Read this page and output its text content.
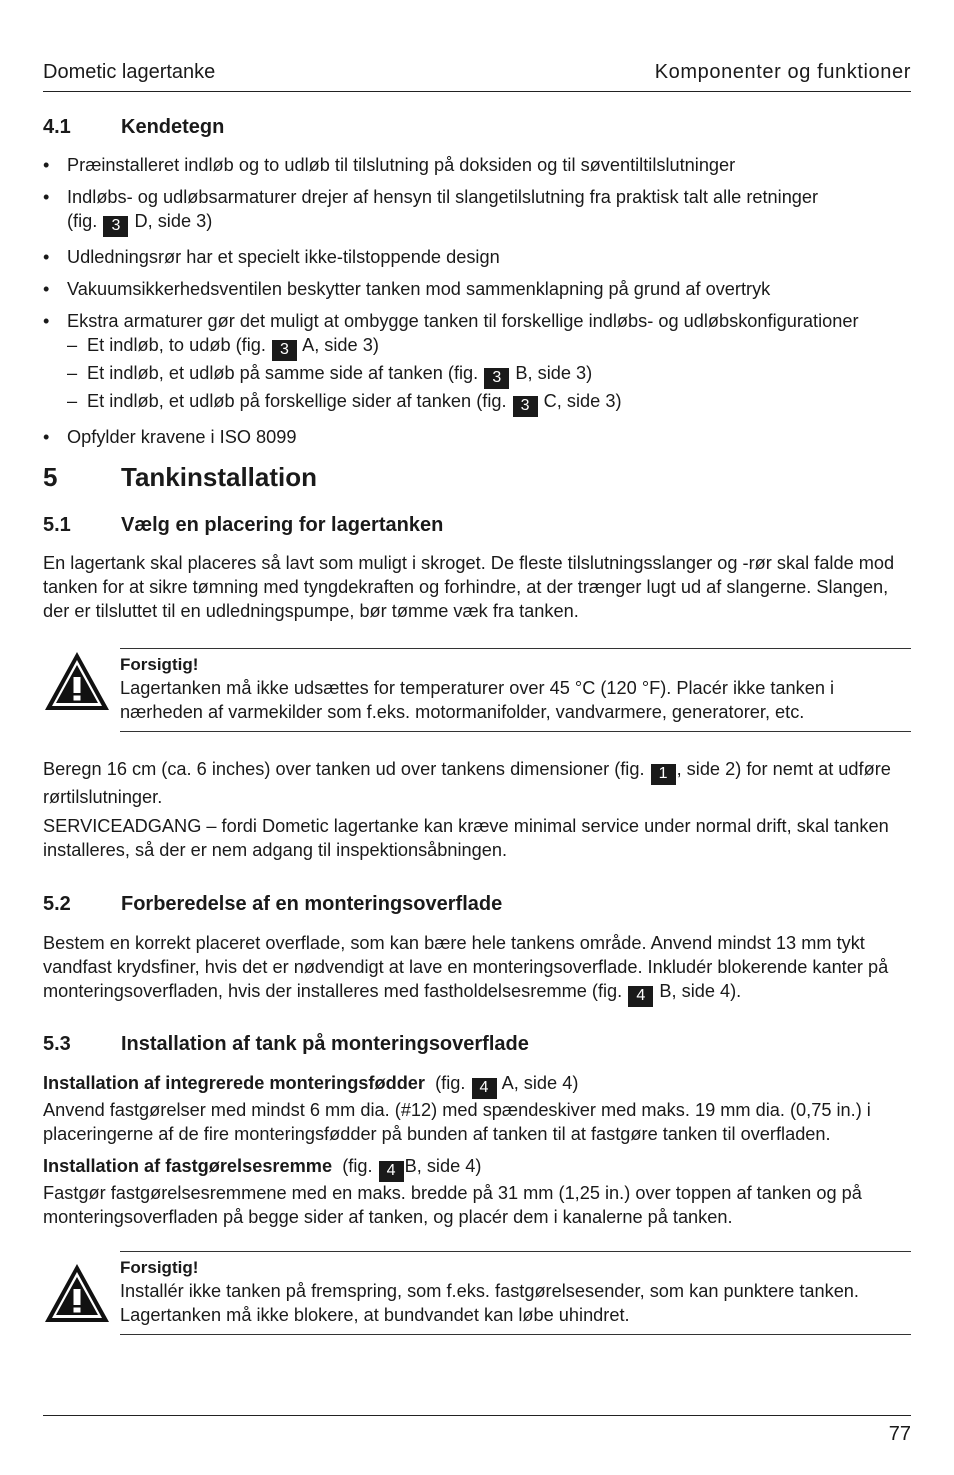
Dometic lagertanke	Komponenter og funktioner
4.1	Kendetegn
• Præinstalleret indløb og to udløb til tilslutning på doksiden og til søventiltilslutninger
• Indløbs- og udløbsarmaturer drejer af hensyn til slangetilslutning fra praktisk talt alle retninger
(fig. 3 D, side 3)
• Udledningsrør har et specielt ikke-tilstoppende design
• Vakuumsikkerhedsventilen beskytter tanken mod sammenklapning på grund af overtryk
• Ekstra armaturer gør det muligt at ombygge tanken til forskellige indløbs- og udløbskonfigurationer
– Et indløb, to udøb (fig. 3 A, side 3)
– Et indløb, et udløb på samme side af tanken (fig. 3 B, side 3)
– Et indløb, et udløb på forskellige sider af tanken (fig. 3 C, side 3)
• Opfylder kravene i ISO 8099
5 Tankinstallation
5.1	Vælg en placering for lagertanken

En lagertank skal placeres så lavt som muligt i skroget. De fleste tilslutningsslanger og -rør skal falde mod tanken for at sikre tømning med tyngdekraften og forhindre, at der trænger lugt ud af slangerne. Slangen, der er tilsluttet til en udledningspumpe, bør tømme væk fra tanken.

Forsigtig!
Lagertanken må ikke udsættes for temperaturer over 45 °C (120 °F). Placér ikke tanken i nærheden af varmekilder som f.eks. motormanifolder, vandvarmere, generatorer, etc.

Beregn 16 cm (ca. 6 inches) over tanken ud over tankens dimensioner (fig. 1 , side 2) for nemt at udføre rørtilslutninger.

SERVICEADGANG – fordi Dometic lagertanke kan kræve minimal service under normal drift, skal tanken installeres, så der er nem adgang til inspektionsåbningen.

5.2	Forberedelse af en monteringsoverflade

Bestem en korrekt placeret overflade, som kan bære hele tankens område. Anvend mindst 13 mm tykt vandfast krydsfiner, hvis det er nødvendigt at lave en monteringsoverflade. Inkludér blokerende kanter på monteringsoverfladen, hvis der installeres med fastholdelsesremme (fig. 4 B, side 4).

5.3	Installation af tank på monteringsoverflade

Installation af integrerede monteringsfødder (fig. 4 A, side 4)

Anvend fastgørelser med mindst 6 mm dia. (#12) med spændeskiver med maks. 19 mm dia. (0,75 in.) i placeringerne af de fire monteringsfødder på bunden af tanken til at fastgøre tanken til overfladen.

Installation af fastgørelsesremme (fig. 4 B, side 4)

Fastgør fastgørelsesremmene med en maks. bredde på 31 mm (1,25 in.) over toppen af tanken og på monteringsoverfladen på begge sider af tanken, og placér dem i kanalerne på tanken.

Forsigtig!
Installér ikke tanken på fremspring, som f.eks. fastgørelsesender, som kan punktere tanken.
Lagertanken må ikke blokere, at bundvandet kan løbe uhindret.
77
